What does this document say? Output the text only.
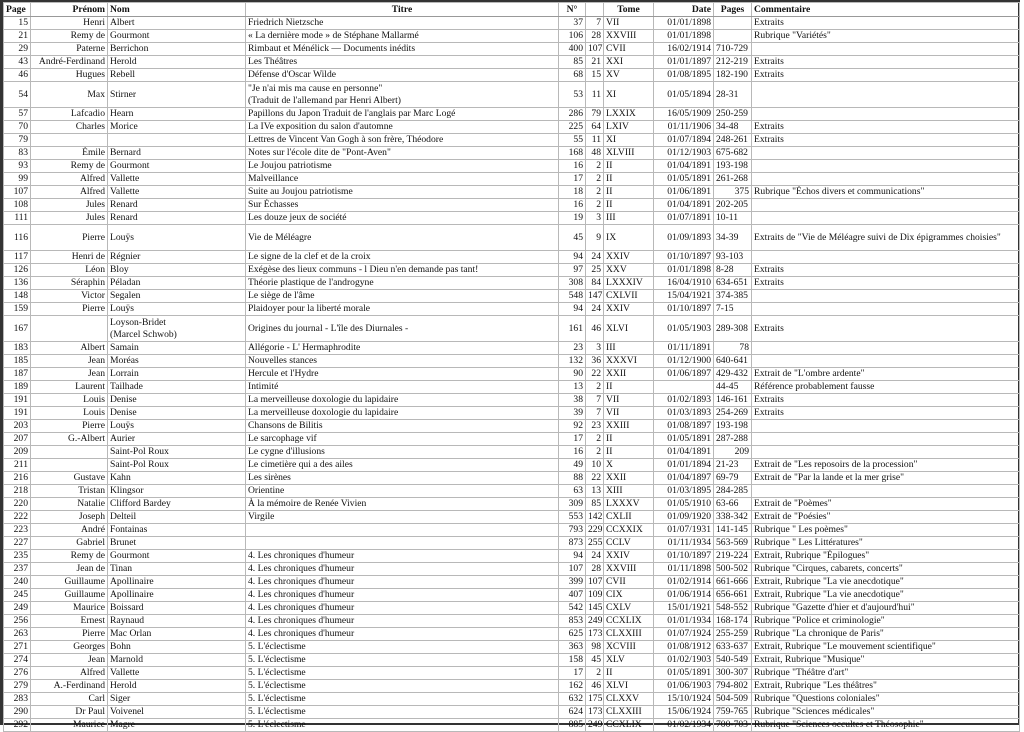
Page	Prénom	Nom	Titre	N°		Tome	Date	Pages	Commentaire
15	Henri	Albert	Friedrich Nietzsche	37	7	VII	01/01/1898		Extraits
21	Remy de	Gourmont	« La dernière mode » de Stéphane Mallarmé	106	28	XXVIII	01/01/1898		Rubrique "Variétés"
29	Paterne	Berrichon	Rimbaut et Ménélick — Documents inédits	400	107	CVII	16/02/1914	710-729	
43	André-Ferdinand	Herold	Les Théâtres	85	21	XXI	01/01/1897	212-219	Extraits
46	Hugues	Rebell	Défense d'Oscar Wilde	68	15	XV	01/08/1895	182-190	Extraits
54	Max	Stirner	"Je n'ai mis ma cause en personne"
(Traduit de l'allemand par Henri Albert)	53	11	XI	01/05/1894	28-31	
57	Lafcadio	Hearn	Papillons du Japon Traduit de l'anglais par Marc Logé	286	79	LXXIX	16/05/1909	250-259	
70	Charles	Morice	La IVe exposition du salon d'automne	225	64	LXIV	01/11/1906	34-48	Extraits
79			Lettres de Vincent Van Gogh à son frère, Théodore	55	11	XI	01/07/1894	248-261	Extraits
83	Émile	Bernard	Notes sur l'école dite de "Pont-Aven"	168	48	XLVIII	01/12/1903	675-682	
93	Remy de	Gourmont	Le Joujou patriotisme	16	2	II	01/04/1891	193-198	
99	Alfred	Vallette	Malveillance	17	2	II	01/05/1891	261-268	
107	Alfred	Vallette	Suite au Joujou patriotisme	18	2	II	01/06/1891	375	Rubrique "Échos divers et communications"
108	Jules	Renard	Sur Échasses	16	2	II	01/04/1891	202-205	
111	Jules	Renard	Les douze jeux de société	19	3	III	01/07/1891	10-11	
116	Pierre	Louÿs	Vie de Méléagre	45	9	IX	01/09/1893	34-39	Extraits de "Vie de Méléagre suivi de Dix épigrammes choisies"
117	Henri de	Régnier	Le signe de la clef et de la croix	94	24	XXIV	01/10/1897	93-103	
126	Léon	Bloy	Exégèse des lieux communs - l Dieu n'en demande pas tant!	97	25	XXV	01/01/1898	8-28	Extraits
136	Séraphin	Péladan	Théorie plastique de l'androgyne	308	84	LXXXIV	16/04/1910	634-651	Extraits
148	Victor	Segalen	Le siège de l'âme	548	147	CXLVII	15/04/1921	374-385	
159	Pierre	Louÿs	Plaidoyer pour la liberté morale	94	24	XXIV	01/10/1897	7-15	
167		Loyson-Bridet
(Marcel Schwob)	Origines du journal - L'île des Diurnales -	161	46	XLVI	01/05/1903	289-308	Extraits
183	Albert	Samain	Allégorie - L' Hermaphrodite	23	3	III	01/11/1891	78	
185	Jean	Moréas	Nouvelles stances	132	36	XXXVI	01/12/1900	640-641	
187	Jean	Lorrain	Hercule et l'Hydre	90	22	XXII	01/06/1897	429-432	Extrait de "L'ombre ardente"
189	Laurent	Tailhade	Intimité	13	2	II		44-45	Référence probablement fausse
191	Louis	Denise	La merveilleuse doxologie du lapidaire	38	7	VII	01/02/1893	146-161	Extraits
191	Louis	Denise	La merveilleuse doxologie du lapidaire	39	7	VII	01/03/1893	254-269	Extraits
203	Pierre	Louÿs	Chansons de Bilitis	92	23	XXIII	01/08/1897	193-198	
207	G.-Albert	Aurier	Le sarcophage vif	17	2	II	01/05/1891	287-288	
209		Saint-Pol Roux	Le cygne d'illusions	16	2	II	01/04/1891	209	
211		Saint-Pol Roux	Le cimetière qui a des ailes	49	10	X	01/01/1894	21-23	Extrait de "Les reposoirs de la procession"
216	Gustave	Kahn	Les sirènes	88	22	XXII	01/04/1897	69-79	Extrait de "Par la lande et la mer grise"
218	Tristan	Klingsor	Orientine	63	13	XIII	01/03/1895	284-285	
220	Natalie	Clifford Bardey	À la mémoire de Renée Vivien	309	85	LXXXV	01/05/1910	63-66	Extrait de "Poèmes"
222	Joseph	Delteil	Virgile	553	142	CXLII	01/09/1920	338-342	Extrait de "Poésies"
223	André	Fontainas		793	229	CCXXIX	01/07/1931	141-145	Rubrique " Les poèmes"
227	Gabriel	Brunet		873	255	CCLV	01/11/1934	563-569	Rubrique " Les Littératures"
235	Remy de	Gourmont	4. Les chroniques d'humeur	94	24	XXIV	01/10/1897	219-224	Extrait, Rubrique "Épilogues"
237	Jean de	Tinan	4. Les chroniques d'humeur	107	28	XXVIII	01/11/1898	500-502	Rubrique "Cirques, cabarets, concerts"
240	Guillaume	Apollinaire	4. Les chroniques d'humeur	399	107	CVII	01/02/1914	661-666	Extrait, Rubrique "La vie anecdotique"
245	Guillaume	Apollinaire	4. Les chroniques d'humeur	407	109	CIX	01/06/1914	656-661	Extrait, Rubrique "La vie anecdotique"
249	Maurice	Boissard	4. Les chroniques d'humeur	542	145	CXLV	15/01/1921	548-552	Rubrique "Gazette d'hier et d'aujourd'hui"
256	Ernest	Raynaud	4. Les chroniques d'humeur	853	249	CCXLIX	01/01/1934	168-174	Rubrique "Police et criminologie"
263	Pierre	Mac Orlan	4. Les chroniques d'humeur	625	173	CLXXIII	01/07/1924	255-259	Rubrique "La chronique de Paris"
271	Georges	Bohn	5. L'éclectisme	363	98	XCVIII	01/08/1912	633-637	Extrait, Rubrique "Le mouvement scientifique"
274	Jean	Marnold	5. L'éclectisme	158	45	XLV	01/02/1903	540-549	Extrait, Rubrique "Musique"
276	Alfred	Vallette	5. L'éclectisme	17	2	II	01/05/1891	300-307	Rubrique "Théâtre d'art"
279	A.-Ferdinand	Herold	5. L'éclectisme	162	46	XLVI	01/06/1903	794-802	Extrait, Rubrique "Les théâtres"
283	Carl	Siger	5. L'éclectisme	632	175	CLXXV	15/10/1924	504-509	Rubrique "Questions coloniales"
290	Dr Paul	Voivenel	5. L'éclectisme	624	173	CLXXIII	15/06/1924	759-765	Rubrique "Sciences médicales"
292	Maurice	Magre	5. L'éclectisme	885	249	CCXLIX	01/02/1934	700-703	Rubrique "Sciences occultes et Théosophie"
